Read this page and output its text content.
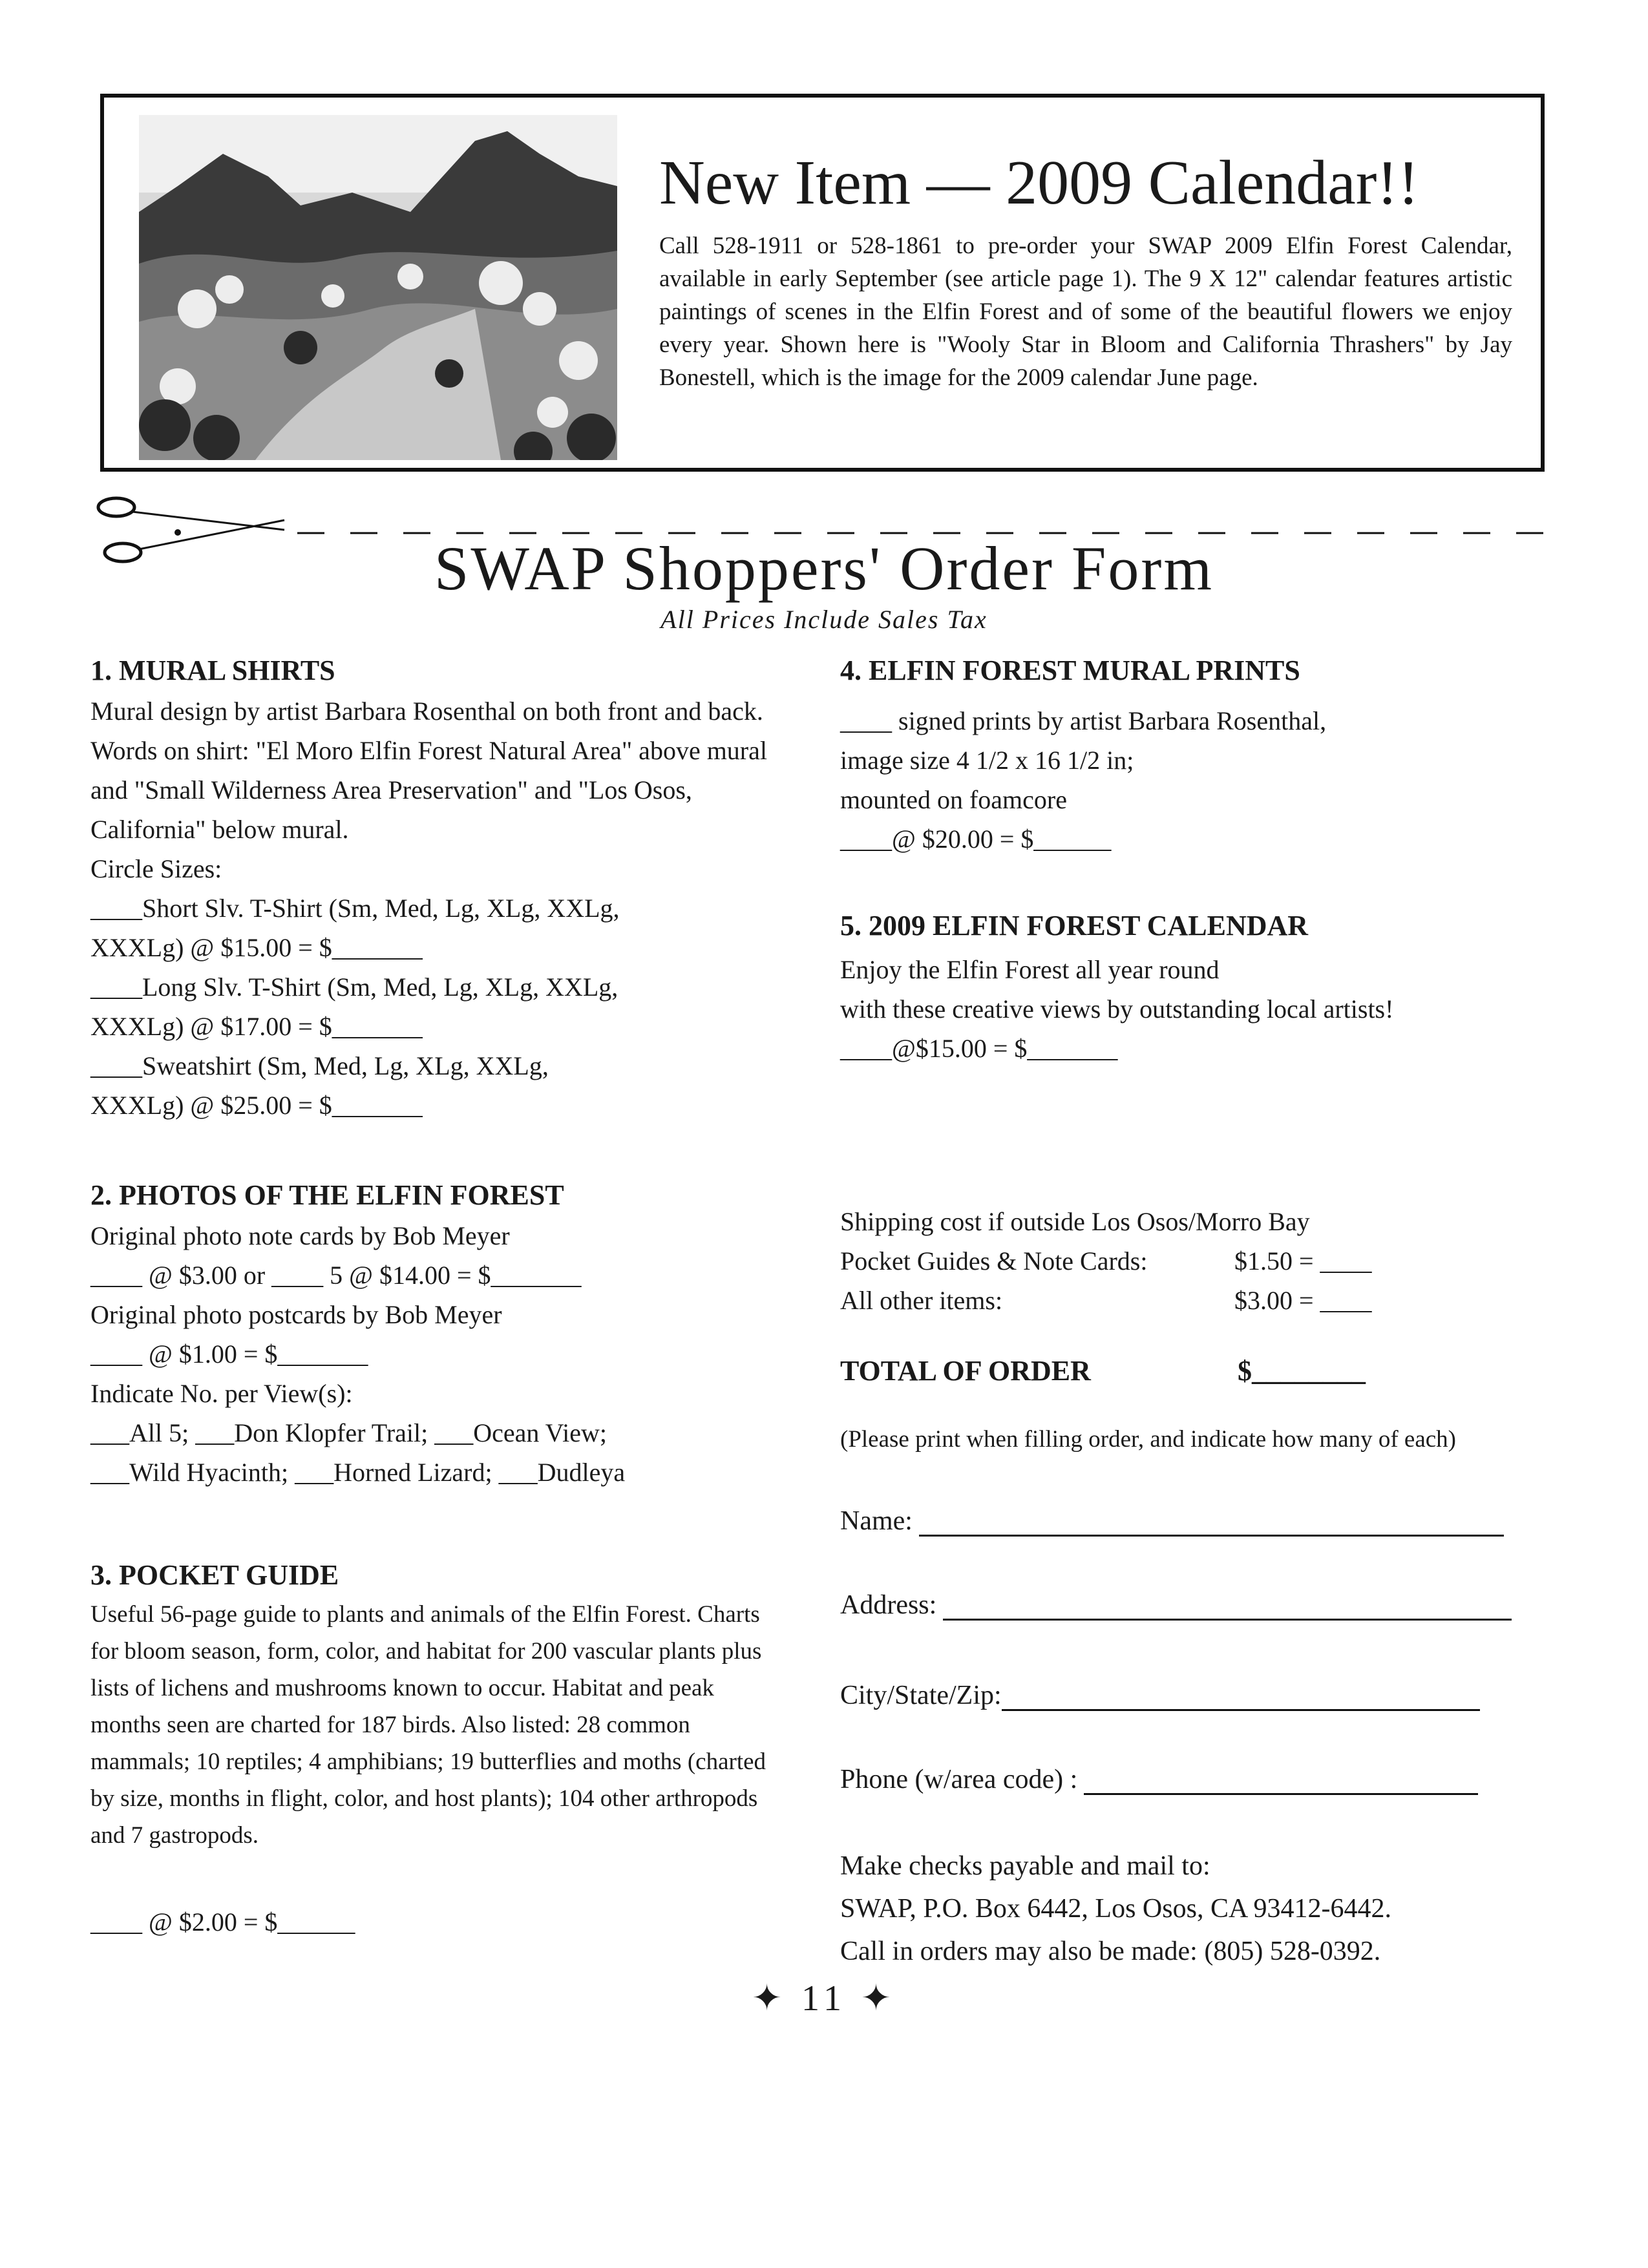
New Item — 2009 Calendar!!
Call 528-1911 or 528-1861 to pre-order your SWAP 2009 Elfin Forest Calendar, available in early September (see article page 1). The 9 X 12" calendar features artistic paintings of scenes in the Elfin Forest and of some of the beautiful flowers we enjoy every year. Shown here is "Wooly Star in Bloom and California Thrashers" by Jay Bonestell, which is the image for the 2009 calendar June page.
SWAP Shoppers' Order Form
All Prices Include Sales Tax
1. MURAL SHIRTS
Mural design by artist Barbara Rosenthal on both front and back. Words on shirt: "El Moro Elfin Forest Natural Area" above mural and "Small Wilderness Area Preservation" and "Los Osos, California" below mural.
Circle Sizes:
____Short Slv. T-Shirt (Sm, Med, Lg, XLg, XXLg,
XXXLg) @ $15.00 = $_______
____Long Slv. T-Shirt (Sm, Med, Lg, XLg, XXLg,
XXXLg) @ $17.00 = $_______
____Sweatshirt (Sm, Med, Lg, XLg, XXLg,
XXXLg) @ $25.00 = $_______
2. PHOTOS OF THE ELFIN FOREST
Original photo note cards by Bob Meyer
____ @ $3.00 or ____ 5 @ $14.00 = $_______
Original photo postcards by Bob Meyer
____ @ $1.00 = $_______
Indicate No. per View(s):
___All 5; ___Don Klopfer Trail; ___Ocean View;
___Wild Hyacinth; ___Horned Lizard; ___Dudleya
3. POCKET GUIDE
Useful 56-page guide to plants and animals of the Elfin Forest. Charts for bloom season, form, color, and habitat for 200 vascular plants plus lists of lichens and mushrooms known to occur. Habitat and peak months seen are charted for 187 birds. Also listed: 28 common mammals; 10 reptiles; 4 amphibians; 19 butterflies and moths (charted by size, months in flight, color, and host plants); 104 other arthropods and 7 gastropods.
____ @ $2.00 = $______
4. ELFIN FOREST MURAL PRINTS
____ signed prints by artist Barbara Rosenthal,
image size 4 1/2 x 16 1/2 in;
mounted on foamcore
____@ $20.00 = $______
5. 2009 ELFIN FOREST CALENDAR
Enjoy the Elfin Forest all year round
with these creative views by outstanding local artists!
____@$15.00 = $_______
Shipping cost if outside Los Osos/Morro Bay
Pocket Guides & Note Cards:	$1.50 = ____
All other items:	$3.00 = ____
TOTAL OF ORDER	$________
(Please print when filling order, and indicate how many of each)
Name:
Address:
City/State/Zip:
Phone (w/area code) :
Make checks payable and mail to:
SWAP, P.O. Box 6442, Los Osos, CA 93412-6442.
Call in orders may also be made: (805) 528-0392.
✦ 11 ✦
